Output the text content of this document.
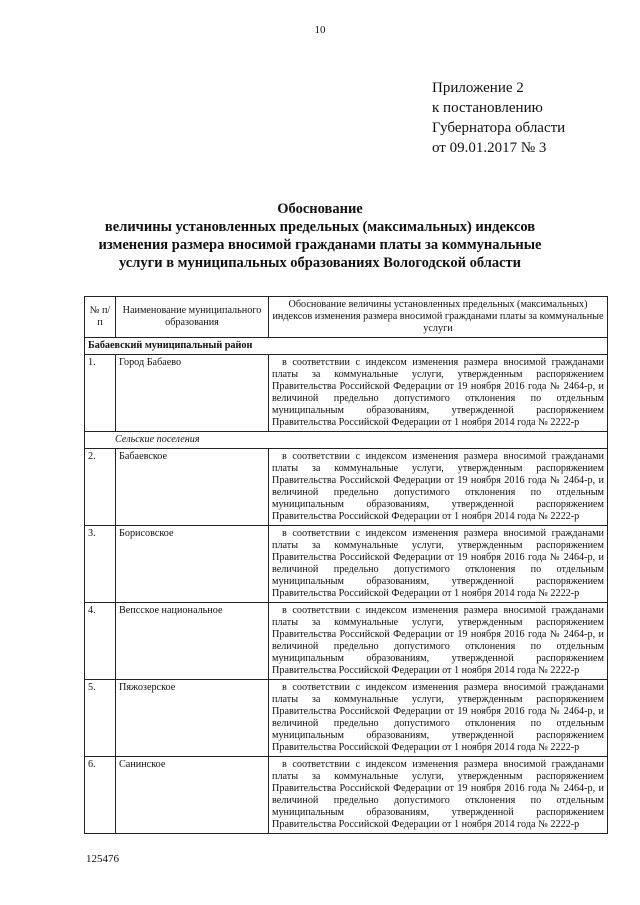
10
Приложение 2
к постановлению
Губернатора области
от 09.01.2017 № 3
Обоснование
величины установленных предельных (максимальных) индексов
изменения размера вносимой гражданами платы за коммунальные
услуги в муниципальных образованиях Вологодской области
№ п/п	Наименование муниципального образования	Обоснование величины установленных предельных (максимальных) индексов изменения размера вносимой гражданами платы за коммунальные услуги
Бабаевский муниципальный район		
1.	Город Бабаево	в соответствии с индексом изменения размера вносимой гражданами платы за коммунальные услуги, утвержденным распоряжением Правительства Российской Федерации от 19 ноября 2016 года № 2464-р, и величиной предельно допустимого отклонения по отдельным муниципальным образованиям, утвержденной распоряжением Правительства Российской Федерации от 1 ноября 2014 года № 2222-р
Сельские поселения		
2.	Бабаевское	в соответствии с индексом изменения размера вносимой гражданами платы за коммунальные услуги, утвержденным распоряжением Правительства Российской Федерации от 19 ноября 2016 года № 2464-р, и величиной предельно допустимого отклонения по отдельным муниципальным образованиям, утвержденной распоряжением Правительства Российской Федерации от 1 ноября 2014 года № 2222-р
3.	Борисовское	в соответствии с индексом изменения размера вносимой гражданами платы за коммунальные услуги, утвержденным распоряжением Правительства Российской Федерации от 19 ноября 2016 года № 2464-р, и величиной предельно допустимого отклонения по отдельным муниципальным образованиям, утвержденной распоряжением Правительства Российской Федерации от 1 ноября 2014 года № 2222-р
4.	Вепсское национальное	в соответствии с индексом изменения размера вносимой гражданами платы за коммунальные услуги, утвержденным распоряжением Правительства Российской Федерации от 19 ноября 2016 года № 2464-р, и величиной предельно допустимого отклонения по отдельным муниципальным образованиям, утвержденной распоряжением Правительства Российской Федерации от 1 ноября 2014 года № 2222-р
5.	Пяжозерское	в соответствии с индексом изменения размера вносимой гражданами платы за коммунальные услуги, утвержденным распоряжением Правительства Российской Федерации от 19 ноября 2016 года № 2464-р, и величиной предельно допустимого отклонения по отдельным муниципальным образованиям, утвержденной распоряжением Правительства Российской Федерации от 1 ноября 2014 года № 2222-р
6.	Санинское	в соответствии с индексом изменения размера вносимой гражданами платы за коммунальные услуги, утвержденным распоряжением Правительства Российской Федерации от 19 ноября 2016 года № 2464-р, и величиной предельно допустимого отклонения по отдельным муниципальным образованиям, утвержденной распоряжением Правительства Российской Федерации от 1 ноября 2014 года № 2222-р
125476
